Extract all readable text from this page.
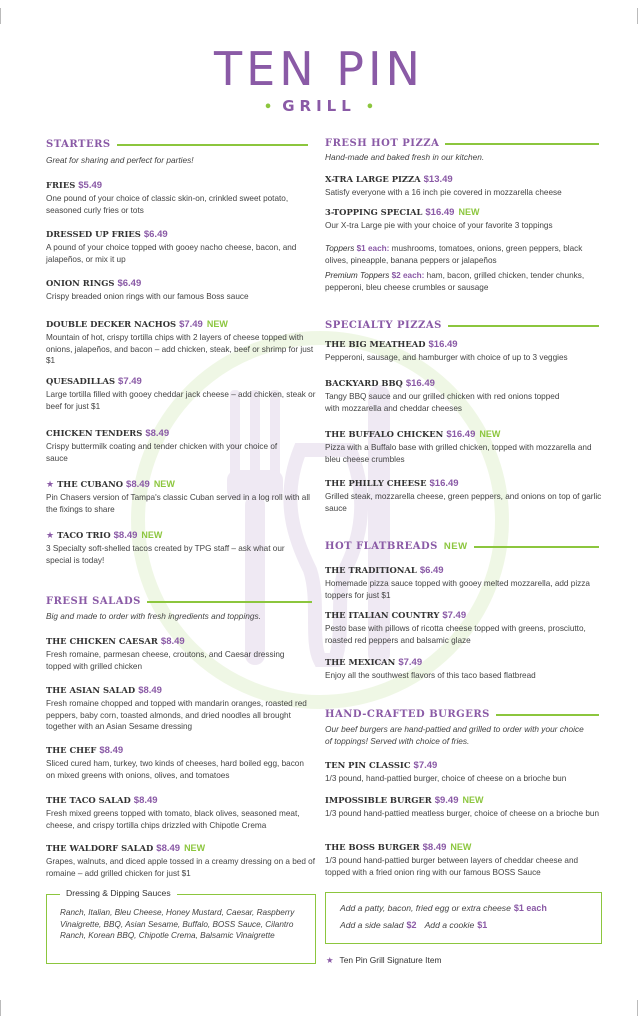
TEN PIN
• GRILL •
STARTERS
Great for sharing and perfect for parties!
FRIES $5.49
One pound of your choice of classic skin-on, crinkled sweet potato, seasoned curly fries or tots
DRESSED UP FRIES $6.49
A pound of your choice topped with gooey nacho cheese, bacon, and jalapeños, or mix it up
ONION RINGS $6.49
Crispy breaded onion rings with our famous Boss sauce
DOUBLE DECKER NACHOS $7.49 NEW
Mountain of hot, crispy tortilla chips with 2 layers of cheese topped with onions, jalapeños, and bacon – add chicken, steak, beef or shrimp for just $1
QUESADILLAS $7.49
Large tortilla filled with gooey cheddar jack cheese – add chicken, steak or beef for just $1
CHICKEN TENDERS $8.49
Crispy buttermilk coating and tender chicken with your choice of sauce
★ THE CUBANO $8.49 NEW
Pin Chasers version of Tampa's classic Cuban served in a log roll with all the fixings to share
★ TACO TRIO $8.49 NEW
3 Specialty soft-shelled tacos created by TPG staff – ask what our special is today!
FRESH SALADS
Big and made to order with fresh ingredients and toppings.
THE CHICKEN CAESAR $8.49
Fresh romaine, parmesan cheese, croutons, and Caesar dressing topped with grilled chicken
THE ASIAN SALAD $8.49
Fresh romaine chopped and topped with mandarin oranges, roasted red peppers, baby corn, toasted almonds, and dried noodles all brought together with an Asian Sesame dressing
THE CHEF $8.49
Sliced cured ham, turkey, two kinds of cheeses, hard boiled egg, bacon on mixed greens with onions, olives, and tomatoes
THE TACO SALAD $8.49
Fresh mixed greens topped with tomato, black olives, seasoned meat, cheese, and crispy tortilla chips drizzled with Chipotle Crema
THE WALDORF SALAD $8.49 NEW
Grapes, walnuts, and diced apple tossed in a creamy dressing on a bed of romaine – add grilled chicken for just $1
Dressing & Dipping Sauces
Ranch, Italian, Bleu Cheese, Honey Mustard, Caesar, Raspberry Vinaigrette, BBQ, Asian Sesame, Buffalo, BOSS Sauce, Cilantro Ranch, Korean BBQ, Chipotle Crema, Balsamic Vinaigrette
FRESH HOT PIZZA
Hand-made and baked fresh in our kitchen.
X-TRA LARGE PIZZA $13.49
Satisfy everyone with a 16 inch pie covered in mozzarella cheese
3-TOPPING SPECIAL $16.49 NEW
Our X-tra Large pie with your choice of your favorite 3 toppings
Toppers $1 each: mushrooms, tomatoes, onions, green peppers, black olives, pineapple, banana peppers or jalapeños
Premium Toppers $2 each: ham, bacon, grilled chicken, tender chunks, pepperoni, bleu cheese crumbles or sausage
SPECIALTY PIZZAS
THE BIG MEATHEAD $16.49
Pepperoni, sausage, and hamburger with choice of up to 3 veggies
BACKYARD BBQ $16.49
Tangy BBQ sauce and our grilled chicken with red onions topped with mozzarella and cheddar cheeses
THE BUFFALO CHICKEN $16.49 NEW
Pizza with a Buffalo base with grilled chicken, topped with mozzarella and bleu cheese crumbles
THE PHILLY CHEESE $16.49
Grilled steak, mozzarella cheese, green peppers, and onions on top of garlic sauce
HOT FLATBREADS NEW
THE TRADITIONAL $6.49
Homemade pizza sauce topped with gooey melted mozzarella, add pizza toppers for just $1
THE ITALIAN COUNTRY $7.49
Pesto base with pillows of ricotta cheese topped with greens, prosciutto, roasted red peppers and balsamic glaze
THE MEXICAN $7.49
Enjoy all the southwest flavors of this taco based flatbread
HAND-CRAFTED BURGERS
Our beef burgers are hand-pattied and grilled to order with your choice of toppings! Served with choice of fries.
TEN PIN CLASSIC $7.49
1/3 pound, hand-pattied burger, choice of cheese on a brioche bun
IMPOSSIBLE BURGER $9.49 NEW
1/3 pound hand-pattied meatless burger, choice of cheese on a brioche bun
THE BOSS BURGER $8.49 NEW
1/3 pound hand-pattied burger between layers of cheddar cheese and topped with a fried onion ring with our famous BOSS Sauce
Add a patty, bacon, fried egg or extra cheese $1 each
Add a side salad $2 Add a cookie $1
★ Ten Pin Grill Signature Item
